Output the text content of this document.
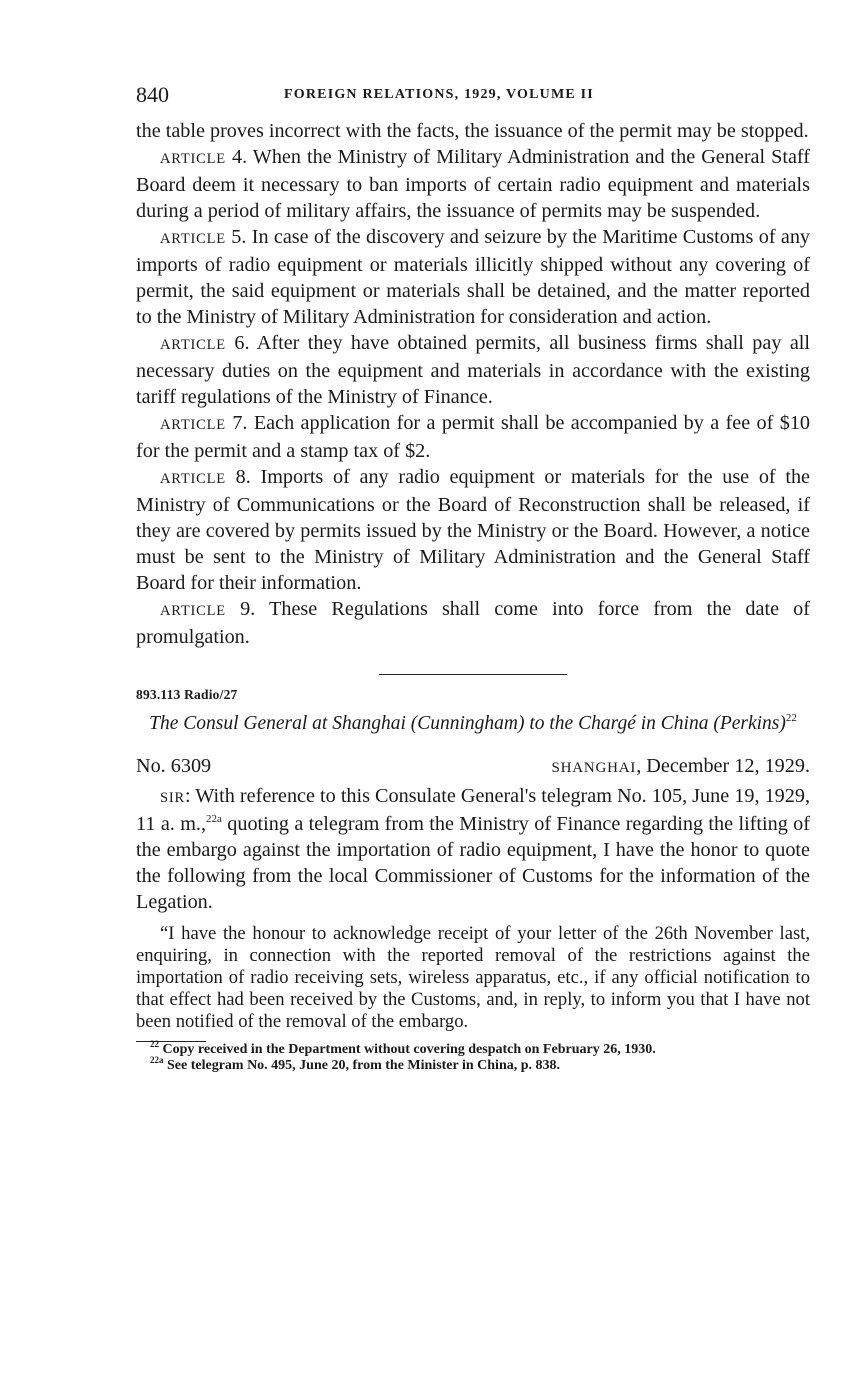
840	FOREIGN RELATIONS, 1929, VOLUME II

the table proves incorrect with the facts, the issuance of the permit may be stopped.

ARTICLE 4. When the Ministry of Military Administration and the General Staff Board deem it necessary to ban imports of certain radio equipment and materials during a period of military affairs, the issuance of permits may be suspended.

ARTICLE 5. In case of the discovery and seizure by the Maritime Customs of any imports of radio equipment or materials illicitly shipped without any covering of permit, the said equipment or materials shall be detained, and the matter reported to the Ministry of Military Administration for consideration and action.

ARTICLE 6. After they have obtained permits, all business firms shall pay all necessary duties on the equipment and materials in accordance with the existing tariff regulations of the Ministry of Finance.

ARTICLE 7. Each application for a permit shall be accompanied by a fee of $10 for the permit and a stamp tax of $2.

ARTICLE 8. Imports of any radio equipment or materials for the use of the Ministry of Communications or the Board of Reconstruction shall be released, if they are covered by permits issued by the Ministry or the Board. However, a notice must be sent to the Ministry of Military Administration and the General Staff Board for their information.

ARTICLE 9. These Regulations shall come into force from the date of promulgation.

893.113 Radio/27
The Consul General at Shanghai (Cunningham) to the Chargé in China (Perkins)$^{22}$
No. 6309	SHANGHAI, December 12, 1929.

SIR: With reference to this Consulate General's telegram No. 105, June 19, 1929, 11 a. m.,$^{22a}$ quoting a telegram from the Ministry of Finance regarding the lifting of the embargo against the importation of radio equipment, I have the honor to quote the following from the local Commissioner of Customs for the information of the Legation.

“I have the honour to acknowledge receipt of your letter of the 26th November last, enquiring, in connection with the reported removal of the restrictions against the importation of radio receiving sets, wireless apparatus, etc., if any official notification to that effect had been received by the Customs, and, in reply, to inform you that I have not been notified of the removal of the embargo.

$^{22}$ Copy received in the Department without covering despatch on February 26, 1930.

$^{22a}$ See telegram No. 495, June 20, from the Minister in China, p. 838.
